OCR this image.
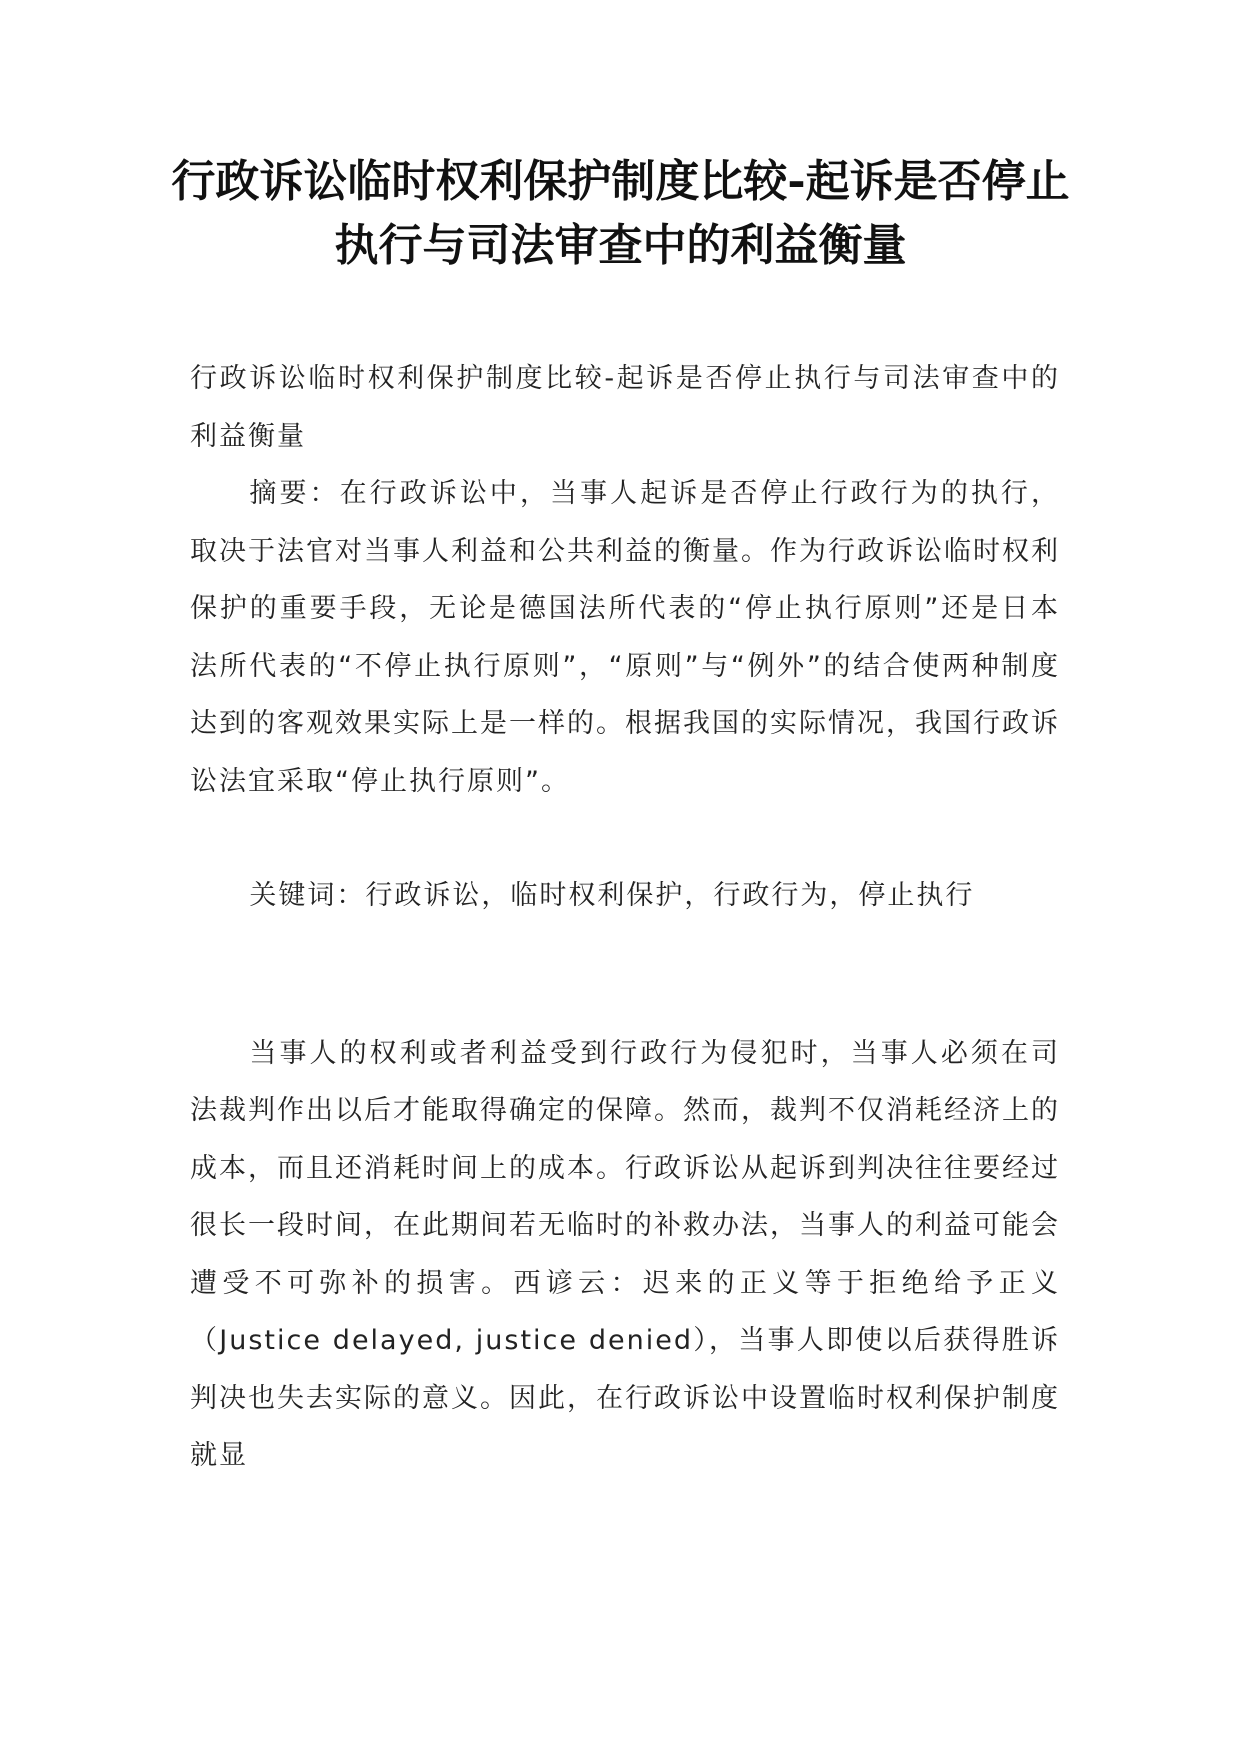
行政诉讼临时权利保护制度比较-起诉是否停止执行与司法审查中的利益衡量

行政诉讼临时权利保护制度比较-起诉是否停止执行与司法审查中的利益衡量

摘要：在行政诉讼中，当事人起诉是否停止行政行为的执行，取决于法官对当事人利益和公共利益的衡量。作为行政诉讼临时权利保护的重要手段，无论是德国法所代表的“停止执行原则”还是日本法所代表的“不停止执行原则”，“原则”与“例外”的结合使两种制度达到的客观效果实际上是一样的。根据我国的实际情况，我国行政诉讼法宜采取“停止执行原则”。

关键词：行政诉讼，临时权利保护，行政行为，停止执行

当事人的权利或者利益受到行政行为侵犯时，当事人必须在司法裁判作出以后才能取得确定的保障。然而，裁判不仅消耗经济上的成本，而且还消耗时间上的成本。行政诉讼从起诉到判决往往要经过很长一段时间，在此期间若无临时的补救办法，当事人的利益可能会遭受不可弥补的损害。西谚云：迟来的正义等于拒绝给予正义（Justice delayed, justice denied），当事人即使以后获得胜诉判决也失去实际的意义。因此，在行政诉讼中设置临时权利保护制度就显
